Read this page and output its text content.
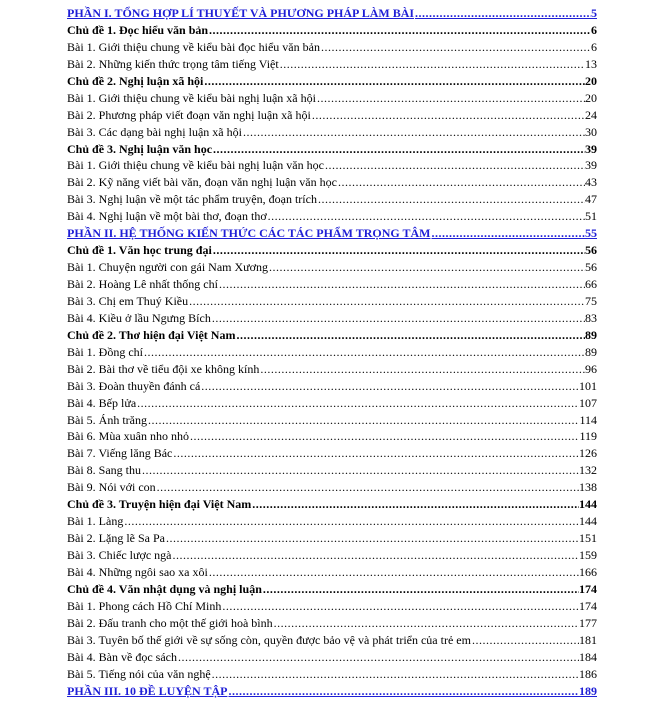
PHẦN I. TỔNG HỢP LÍ THUYẾT VÀ PHƯƠNG PHÁP LÀM BÀI .....	5
Chủ đề 1. Đọc hiểu văn bản .....	6
Bài 1. Giới thiệu chung về kiểu bài đọc hiểu văn bản .....	6
Bài 2. Những kiến thức trọng tâm tiếng Việt .....	13
Chủ đề 2. Nghị luận xã hội .....	20
Bài 1. Giới thiệu chung về kiểu bài nghị luận xã hội .....	20
Bài 2. Phương pháp viết đoạn văn nghị luận xã hội .....	24
Bài 3. Các dạng bài nghị luận xã hội .....	30
Chủ đề 3. Nghị luận văn học .....	39
Bài 1. Giới thiệu chung về kiểu bài nghị luận văn học .....	39
Bài 2. Kỹ năng viết bài văn, đoạn văn nghị luận văn học .....	43
Bài 3. Nghị luận về một tác phẩm truyện, đoạn trích .....	47
Bài 4. Nghị luận về một bài thơ, đoạn thơ .....	51
PHẦN II. HỆ THỐNG KIẾN THỨC CÁC TÁC PHẨM TRỌNG TÂM .....	55
Chủ đề 1. Văn học trung đại .....	56
Bài 1. Chuyện người con gái Nam Xương .....	56
Bài 2. Hoàng Lê nhất thống chí .....	66
Bài 3. Chị em Thuý Kiều .....	75
Bài 4. Kiều ở lầu Ngưng Bích .....	83
Chủ đề 2. Thơ hiện đại Việt Nam .....	89
Bài 1. Đồng chí .....	89
Bài 2. Bài thơ về tiểu đội xe không kính .....	96
Bài 3. Đoàn thuyền đánh cá .....	101
Bài 4. Bếp lửa .....	107
Bài 5. Ánh trăng .....	114
Bài 6. Mùa xuân nho nhỏ .....	119
Bài 7. Viếng lăng Bác .....	126
Bài 8. Sang thu .....	132
Bài 9. Nói với con .....	138
Chủ đề 3. Truyện hiện đại Việt Nam .....	144
Bài 1. Làng .....	144
Bài 2. Lặng lẽ Sa Pa .....	151
Bài 3. Chiếc lược ngà .....	159
Bài 4. Những ngôi sao xa xôi .....	166
Chủ đề 4. Văn nhật dụng và nghị luận .....	174
Bài 1. Phong cách Hồ Chí Minh .....	174
Bài 2. Đấu tranh cho một thế giới hoà bình .....	177
Bài 3. Tuyên bố thế giới về sự sống còn, quyền được bảo vệ và phát triển của trẻ em .....	181
Bài 4. Bàn về đọc sách .....	184
Bài 5. Tiếng nói của văn nghệ .....	186
PHẦN III. 10 ĐỀ LUYỆN TẬP .....	189
